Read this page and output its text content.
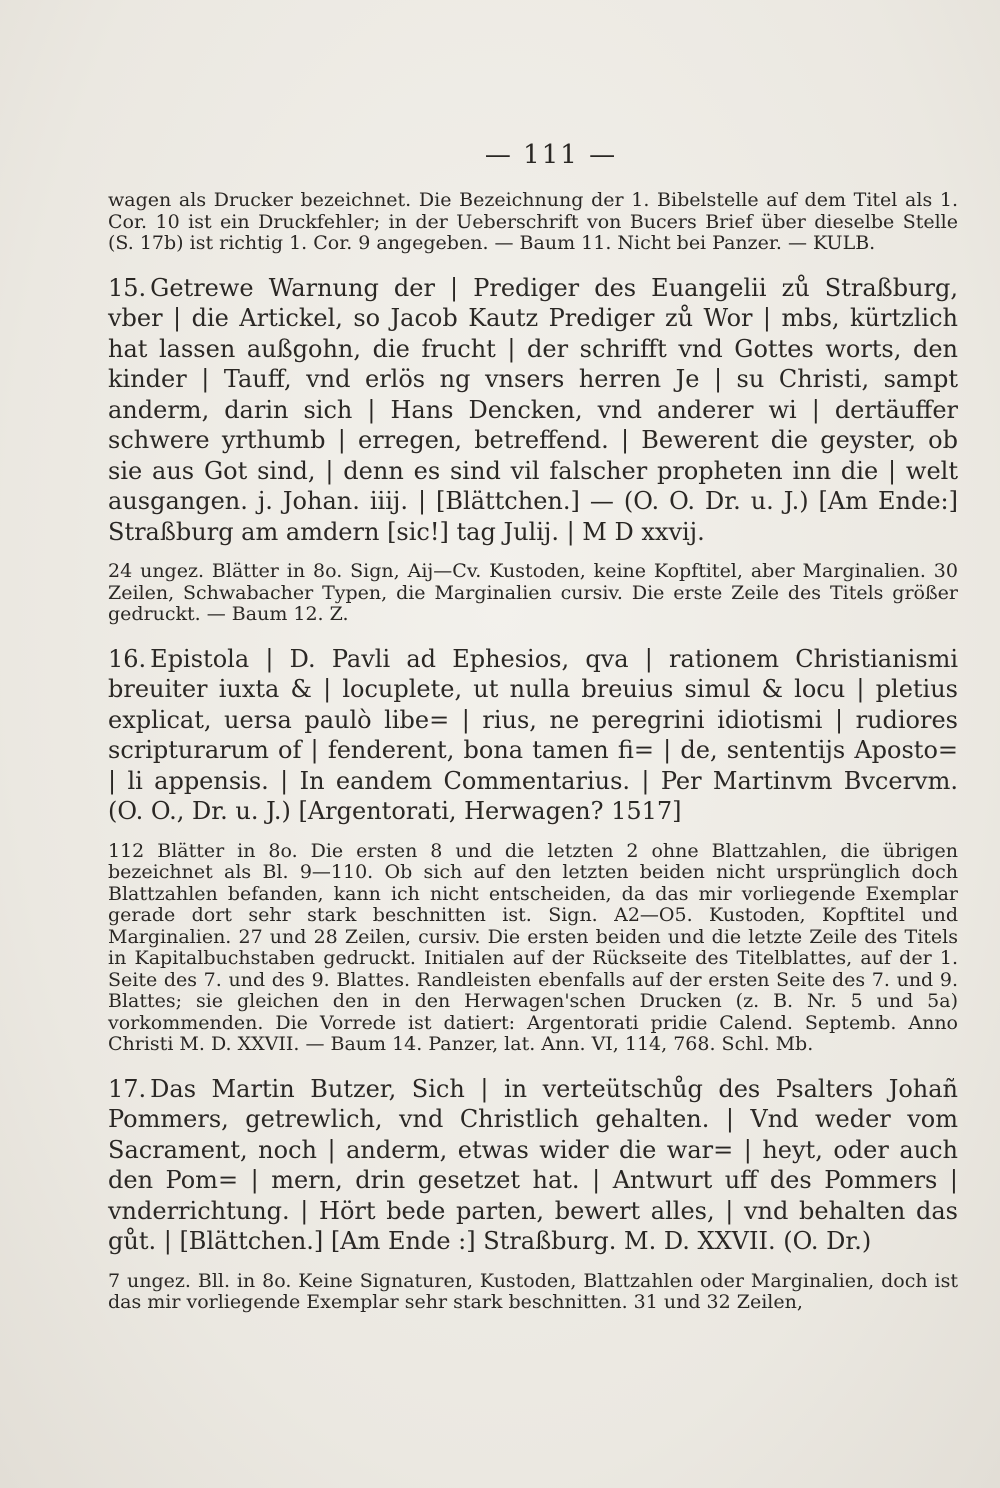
— 111 —

wagen als Drucker bezeichnet. Die Bezeichnung der 1. Bibelstelle auf dem Titel als 1. Cor. 10 ist ein Druckfehler; in der Ueberschrift von Bucers Brief über dieselbe Stelle (S. 17b) ist richtig 1. Cor. 9 angegeben. — Baum 11. Nicht bei Panzer. — KULB.

15. Getrewe Warnung der | Prediger des Euangelii zů Straßburg, vber | die Artickel, so Jacob Kautz Prediger zů Wor | mbs, kürtzlich hat lassen außgohn, die frucht | der schrifft vnd Gottes worts, den kinder | Tauff, vnd erlös ng vnsers herren Je | su Christi, sampt anderm, darin sich | Hans Dencken, vnd anderer wi | dertäuffer schwere yrthumb | erregen, betreffend. | Bewerent die geyster, ob sie aus Got sind, | denn es sind vil falscher propheten inn die | welt ausgangen. j. Johan. iiij. | [Blättchen.] — (O. O. Dr. u. J.) [Am Ende:] Straßburg am amdern [sic!] tag Julij. | M D xxvij.

24 ungez. Blätter in 8o. Sign, Aij—Cv. Kustoden, keine Kopftitel, aber Marginalien. 30 Zeilen, Schwabacher Typen, die Marginalien cursiv. Die erste Zeile des Titels größer gedruckt. — Baum 12. Z.

16. Epistola | D. Pavli ad Ephesios, qva | rationem Christianismi breuiter iuxta & | locuplete, ut nulla breuius simul & locu | pletius explicat, uersa paulò libe= | rius, ne peregrini idiotismi | rudiores scripturarum of | fenderent, bona tamen fi= | de, sententijs Aposto= | li appensis. | In eandem Commentarius. | Per Martinvm Bvcervm. (O. O., Dr. u. J.) [Argentorati, Herwagen? 1517]

112 Blätter in 8o. Die ersten 8 und die letzten 2 ohne Blattzahlen, die übrigen bezeichnet als Bl. 9—110. Ob sich auf den letzten beiden nicht ursprünglich doch Blattzahlen befanden, kann ich nicht entscheiden, da das mir vorliegende Exemplar gerade dort sehr stark beschnitten ist. Sign. A2—O5. Kustoden, Kopftitel und Marginalien. 27 und 28 Zeilen, cursiv. Die ersten beiden und die letzte Zeile des Titels in Kapitalbuchstaben gedruckt. Initialen auf der Rückseite des Titelblattes, auf der 1. Seite des 7. und des 9. Blattes. Randleisten ebenfalls auf der ersten Seite des 7. und 9. Blattes; sie gleichen den in den Herwagen'schen Drucken (z. B. Nr. 5 und 5a) vorkommenden. Die Vorrede ist datiert: Argentorati pridie Calend. Septemb. Anno Christi M. D. XXVII. — Baum 14. Panzer, lat. Ann. VI, 114, 768. Schl. Mb.

17. Das Martin Butzer, Sich | in verteütschůg des Psalters Johañ Pommers, getrewlich, vnd Christlich gehalten. | Vnd weder vom Sacrament, noch | anderm, etwas wider die war= | heyt, oder auch den Pom= | mern, drin gesetzet hat. | Antwurt uff des Pommers | vnderrichtung. | Hört bede parten, bewert alles, | vnd behalten das gůt. | [Blättchen.] [Am Ende :] Straßburg. M. D. XXVII. (O. Dr.)

7 ungez. Bll. in 8o. Keine Signaturen, Kustoden, Blattzahlen oder Marginalien, doch ist das mir vorliegende Exemplar sehr stark beschnitten. 31 und 32 Zeilen,
